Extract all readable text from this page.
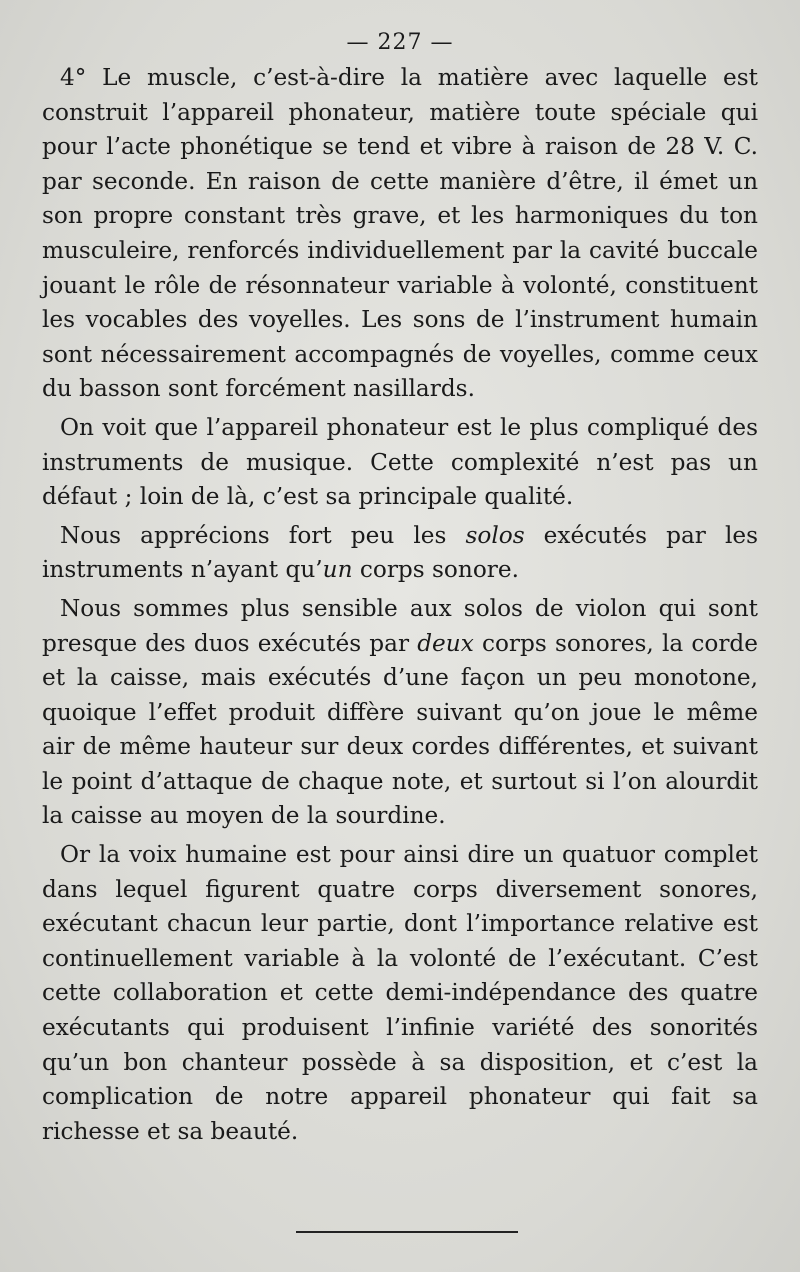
— 227 —

4° Le muscle, c’est-à-dire la matière avec laquelle est construit l’appareil phonateur, matière toute spéciale qui pour l’acte phonétique se tend et vibre à raison de 28 V. C. par seconde. En raison de cette manière d’être, il émet un son propre constant très grave, et les harmoniques du ton musculeire, renforcés individuellement par la cavité buccale jouant le rôle de résonnateur variable à volonté, constituent les vocables des voyelles. Les sons de l’instrument humain sont nécessairement accompagnés de voyelles, comme ceux du basson sont forcément nasillards.

On voit que l’appareil phonateur est le plus compliqué des instruments de musique. Cette complexité n’est pas un défaut ; loin de là, c’est sa principale qualité.

Nous apprécions fort peu les solos exécutés par les instruments n’ayant qu’un corps sonore.

Nous sommes plus sensible aux solos de violon qui sont presque des duos exécutés par deux corps sonores, la corde et la caisse, mais exécutés d’une façon un peu monotone, quoique l’effet produit diffère suivant qu’on joue le même air de même hauteur sur deux cordes différentes, et suivant le point d’attaque de chaque note, et surtout si l’on alourdit la caisse au moyen de la sourdine.

Or la voix humaine est pour ainsi dire un quatuor complet dans lequel figurent quatre corps diversement sonores, exécutant chacun leur partie, dont l’importance relative est continuellement variable à la volonté de l’exécutant. C’est cette collaboration et cette demi-indépendance des quatre exécutants qui produisent l’infinie variété des sonorités qu’un bon chanteur possède à sa disposition, et c’est la complication de notre appareil phonateur qui fait sa richesse et sa beauté.
